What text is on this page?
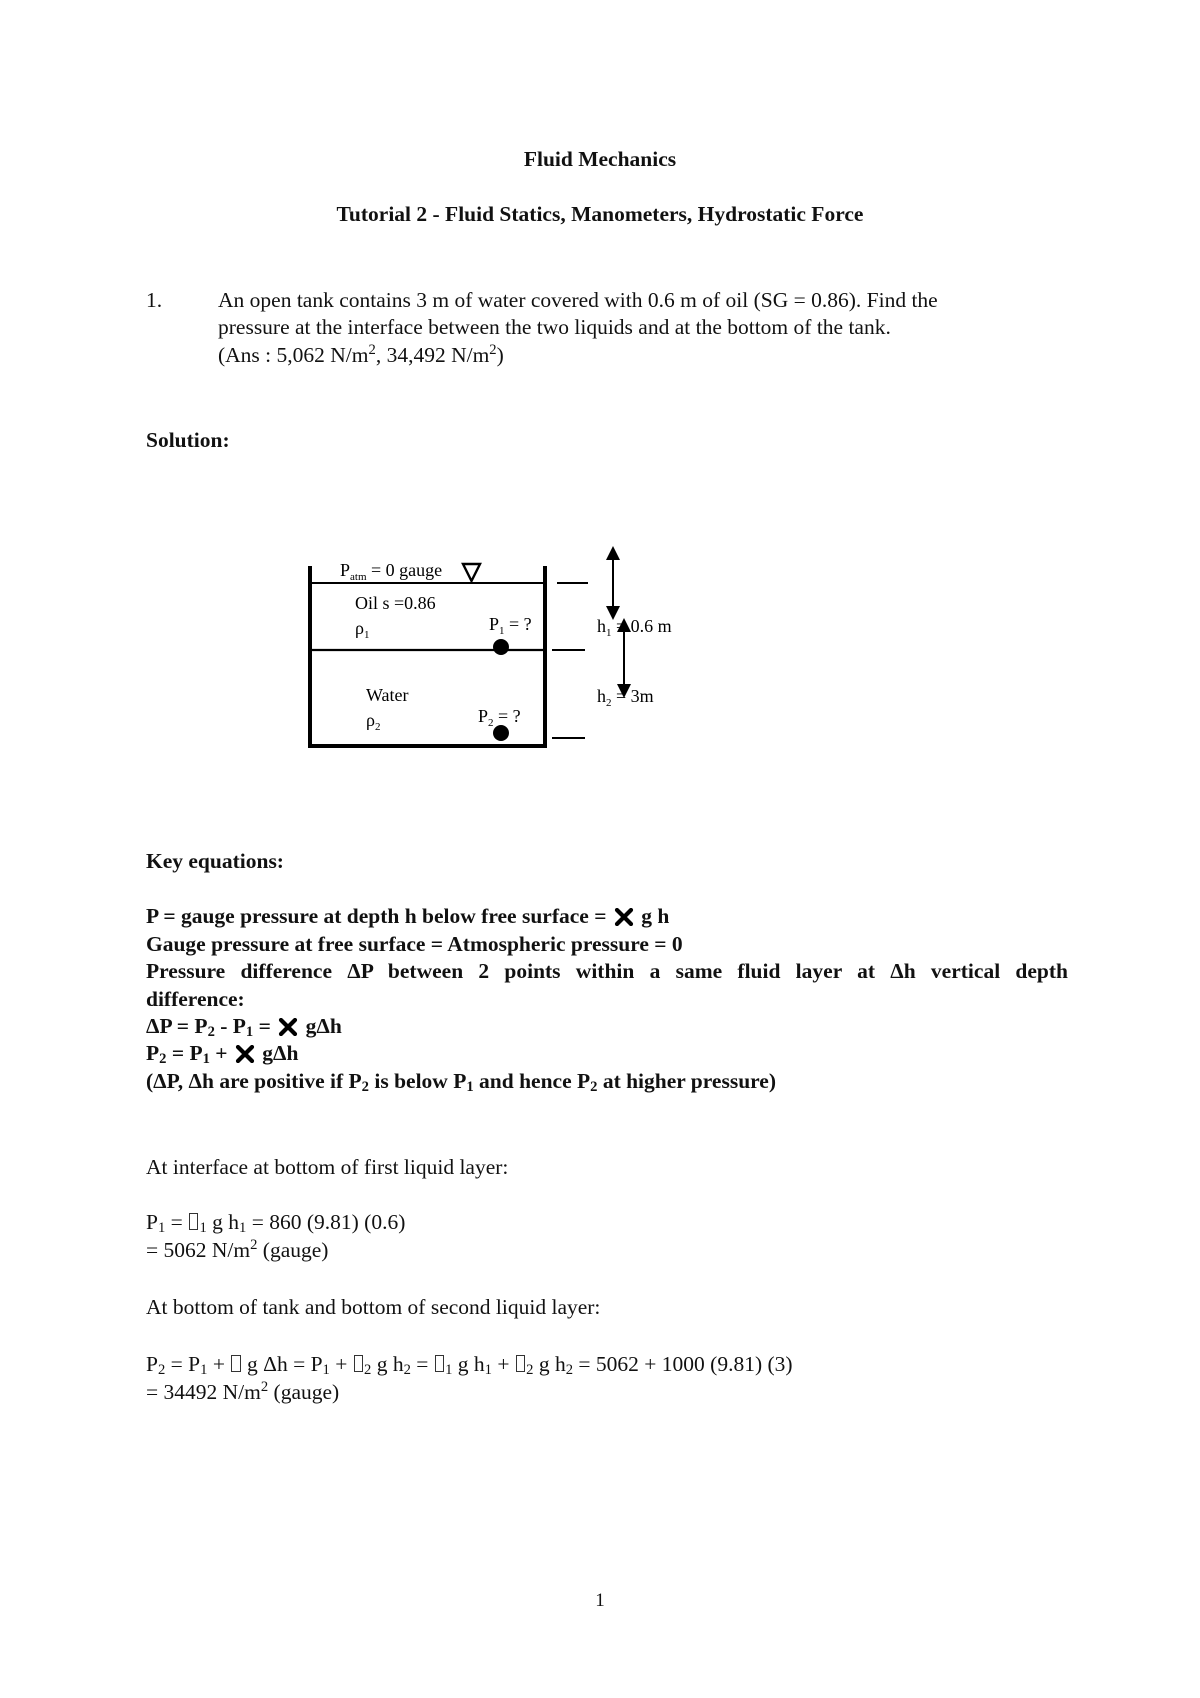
Fluid Mechanics
Tutorial 2 - Fluid Statics, Manometers, Hydrostatic Force
1.	An open tank contains 3 m of water covered with 0.6 m of oil (SG = 0.86). Find the
pressure at the interface between the two liquids and at the bottom of the tank.
(Ans : 5,062 $N/m^2$, 34,492 $N/m^2$)
Solution:
$P_{atm} = 0$ gauge
Oil s =0.86
$\rho_1$
$P_1$ = ?
Water
$\rho_2$
$P_2$ = ?
$h_1 = 0.6$ m
$h_2 = 3m$
Key equations:
P = gauge pressure at depth h below free surface =  g h
Gauge pressure at free surface = Atmospheric pressure = 0
Pressure difference ΔP between 2 points within a same fluid layer at Δh vertical depth
difference:
$\Delta P = P_2 - P_1 = g\Delta h$
$P_2 = P_1 + g\Delta h$
(ΔP, Δh are positive if $P_2$ is below $P_1$ and hence $P_2$ at higher pressure)
At interface at bottom of first liquid layer:
$P_1 = _1$ g $h_1 = 860$ (9.81) (0.6)
= 5062 $N/m^2$ (gauge)
At bottom of tank and bottom of second liquid layer:
$P_2 = P_1 + g$ $\Delta h = P_1 + _2$ g $h_2 = _1$ g $h_1 + _2$ g $h_2 = 5062 + 1000$ (9.81) (3)
= 34492 $N/m^2$ (gauge)
1
